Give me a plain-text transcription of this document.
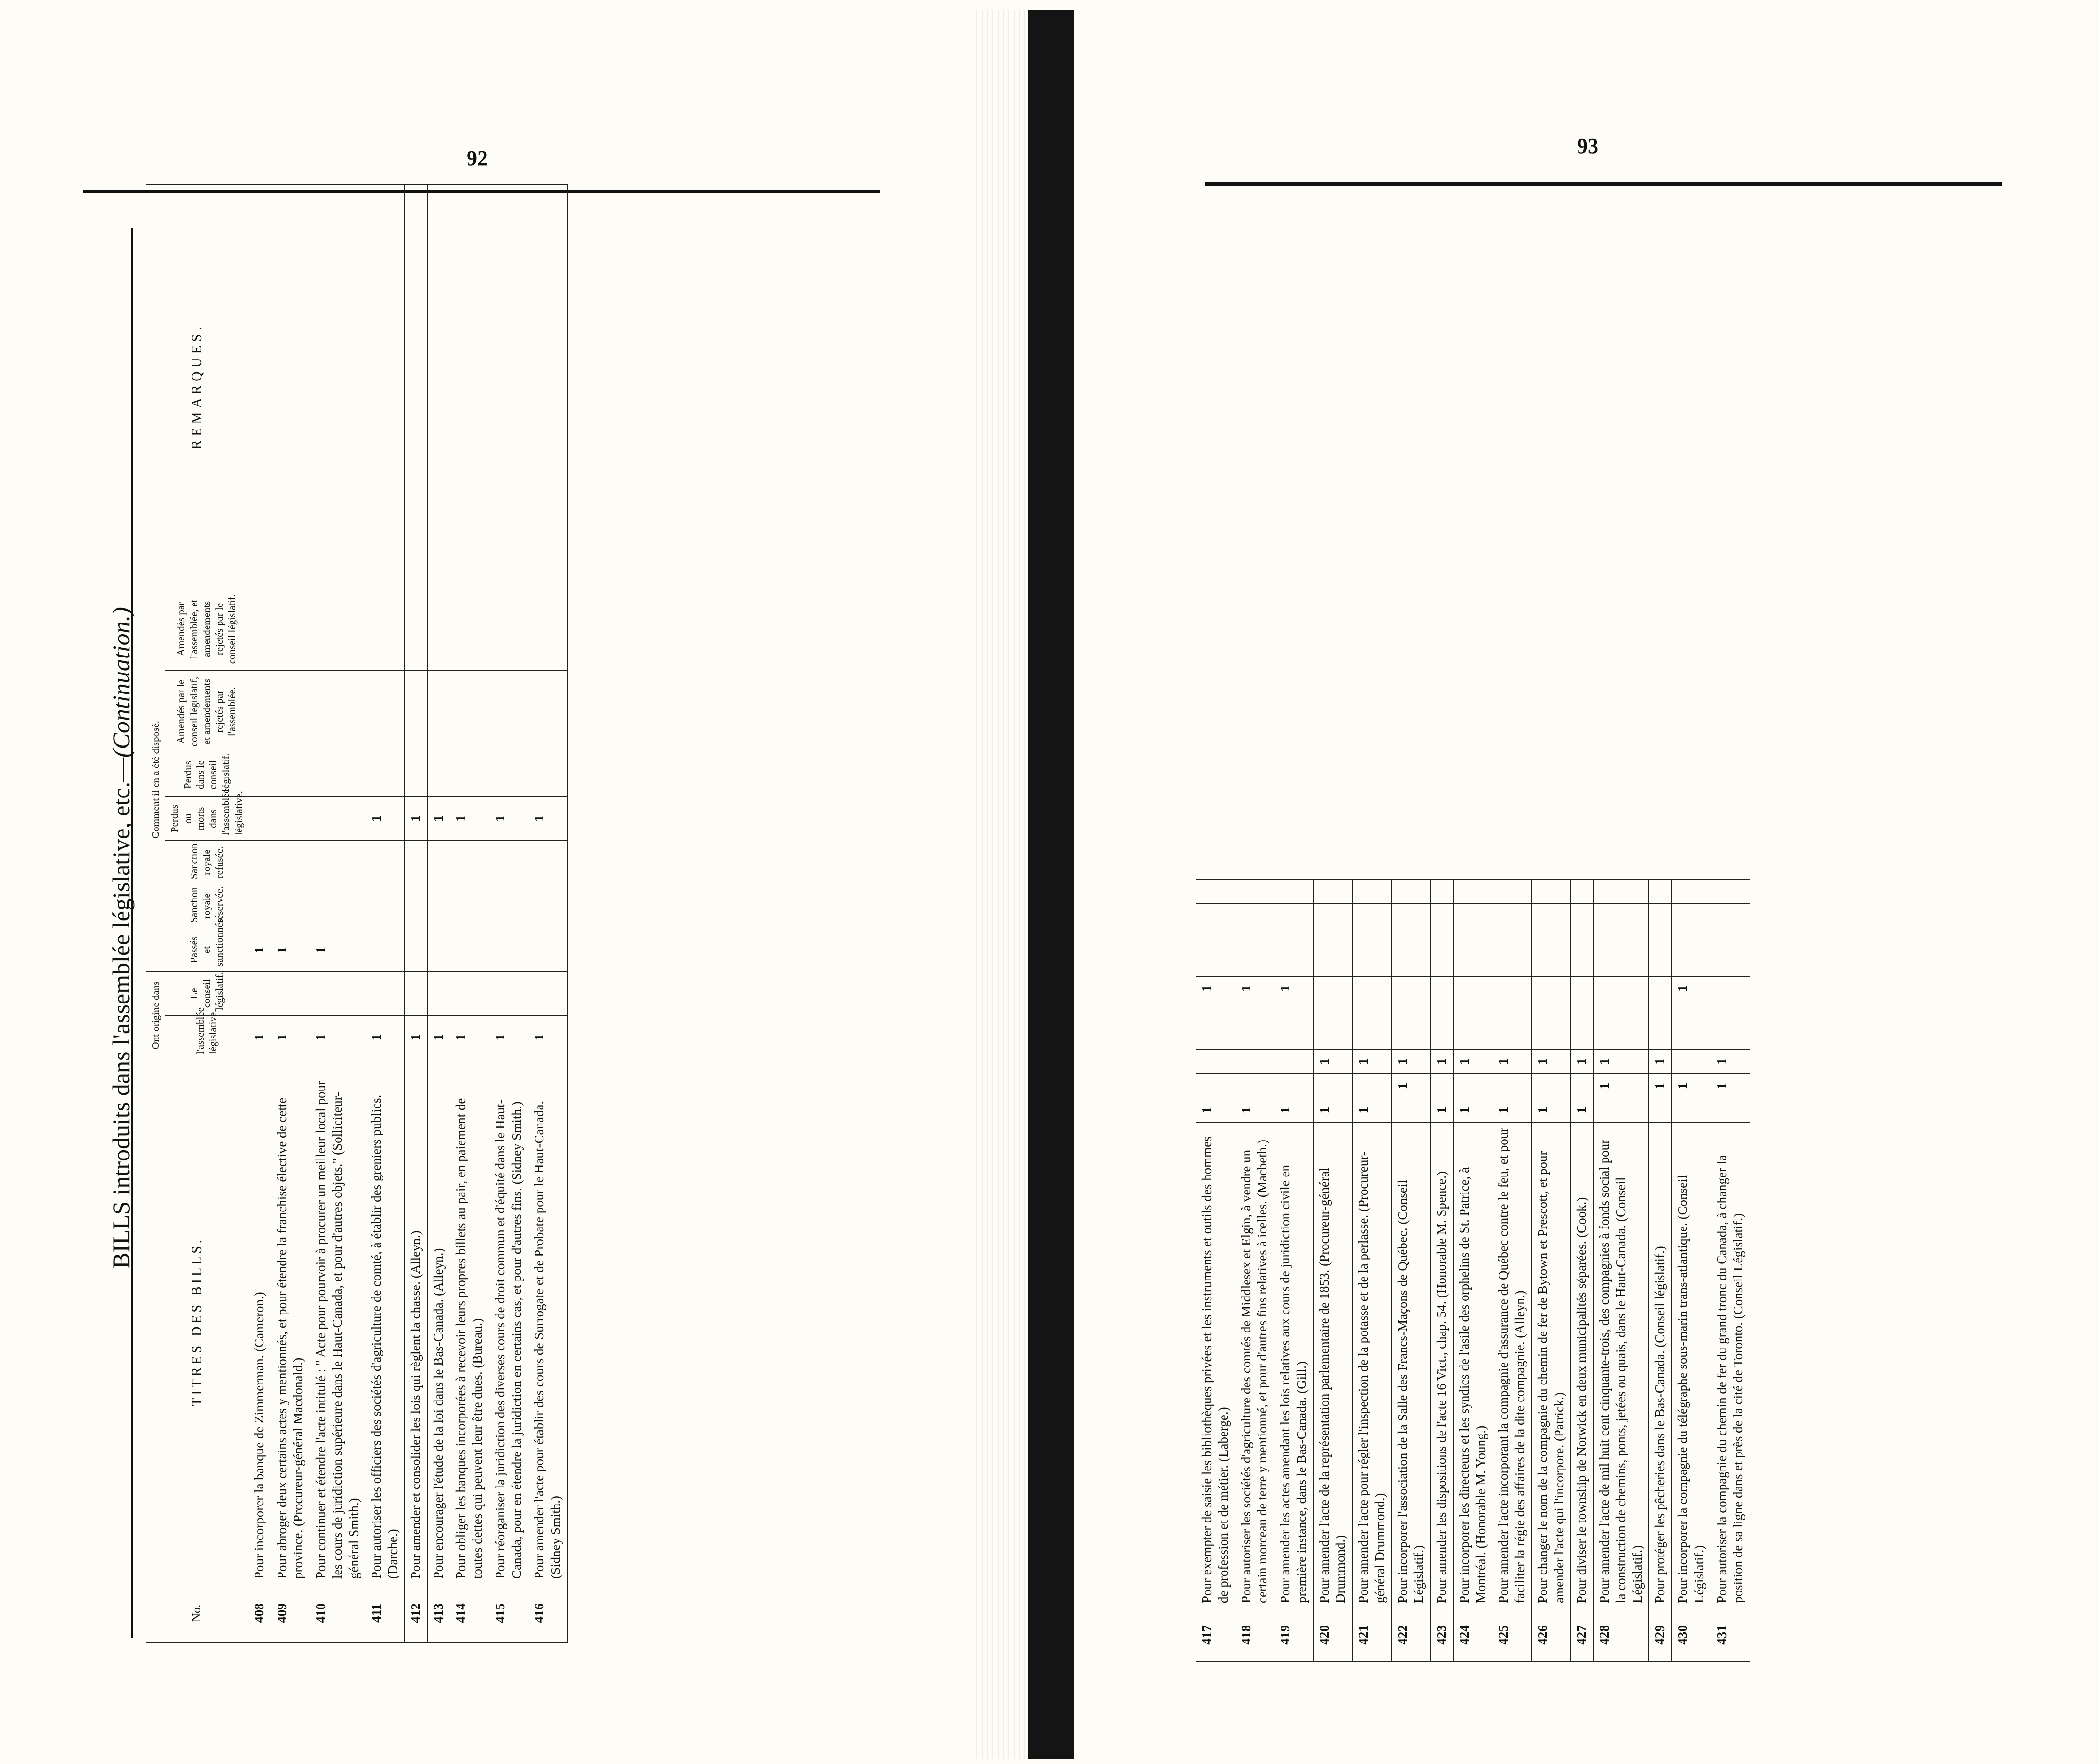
92
BILLS introduits dans l'assemblée législative, etc.—(Continuation.)
No.	TITRES DES BILLS.	Ont origine dans		Comment il en a été disposé.							REMARQUES.
		l'assemblée législative.	Le conseil législatif.	Passés et sanctionnés.	Sanction royale réservée.	Sanction royale refusée.	Perdus ou morts dans l'assemblée législative.	Perdus dans le conseil législatif.	Amendés par le conseil législatif, et amendements rejetés par l'assemblée.	Amendés par l'assemblée, et amendements rejetés par le conseil législatif.	
408	Pour incorporer la banque de Zimmerman. (Cameron.)	1		1							
409	Pour abroger deux certains actes y mentionnés, et pour étendre la franchise élective de cette province. (Procureur-général Macdonald.)	1		1							
410	Pour continuer et étendre l'acte intitulé : " Acte pour pourvoir à procurer un meilleur local pour les cours de juridiction supérieure dans le Haut-Canada, et pour d'autres objets." (Solliciteur-général Smith.)	1		1							
411	Pour autoriser les officiers des sociétés d'agriculture de comté, à établir des greniers publics. (Darche.)	1					1				
412	Pour amender et consolider les lois qui règlent la chasse. (Alleyn.)	1					1				
413	Pour encourager l'étude de la loi dans le Bas-Canada. (Alleyn.)	1					1				
414	Pour obliger les banques incorporées à recevoir leurs propres billets au pair, en paiement de toutes dettes qui peuvent leur être dues. (Bureau.)	1					1				
415	Pour réorganiser la juridiction des diverses cours de droit commun et d'équité dans le Haut-Canada, pour en étendre la juridiction en certains cas, et pour d'autres fins. (Sidney Smith.)	1					1				
416	Pour amender l'acte pour établir des cours de Surrogate et de Probate pour le Haut-Canada. (Sidney Smith.)	1					1				
93
417	Pour exempter de saisie les bibliothèques privées et les instruments et outils des hommes de profession et de métier. (Laberge.)	1					1				
418	Pour autoriser les sociétés d'agriculture des comtés de Middlesex et Elgin, à vendre un certain morceau de terre y mentionné, et pour d'autres fins relatives à icelles. (Macbeth.)	1					1				
419	Pour amender les actes amendant les lois relatives aux cours de juridiction civile en première instance, dans le Bas-Canada. (Gill.)	1					1				
420	Pour amender l'acte de la représentation parlementaire de 1853. (Procureur-général Drummond.)	1		1							
421	Pour amender l'acte pour régler l'inspection de la potasse et de la perlasse. (Procureur-général Drummond.)	1		1							
422	Pour incorporer l'association de la Salle des Francs-Maçons de Québec. (Conseil Législatif.)		1	1							
423	Pour amender les dispositions de l'acte 16 Vict., chap. 54. (Honorable M. Spence.)	1		1							
424	Pour incorporer les directeurs et les syndics de l'asile des orphelins de St. Patrice, à Montréal. (Honorable M. Young.)	1		1							
425	Pour amender l'acte incorporant la compagnie d'assurance de Québec contre le feu, et pour faciliter la régie des affaires de la dite compagnie. (Alleyn.)	1		1							
426	Pour changer le nom de la compagnie du chemin de fer de Bytown et Prescott, et pour amender l'acte qui l'incorpore. (Patrick.)	1		1							
427	Pour diviser le township de Norwick en deux municipalités séparées. (Cook.)	1		1							
428	Pour amender l'acte de mil huit cent cinquante-trois, des compagnies à fonds social pour la construction de chemins, ponts, jetées ou quais, dans le Haut-Canada. (Conseil Législatif.)		1	1							
429	Pour protéger les pêcheries dans le Bas-Canada. (Conseil législatif.)		1	1							
430	Pour incorporer la compagnie du télégraphe sous-marin trans-atlantique. (Conseil Législatif.)		1				1				
431	Pour autoriser la compagnie du chemin de fer du grand tronc du Canada, à changer la position de sa ligne dans et près de la cité de Toronto. (Conseil Législatif.)		1	1							
